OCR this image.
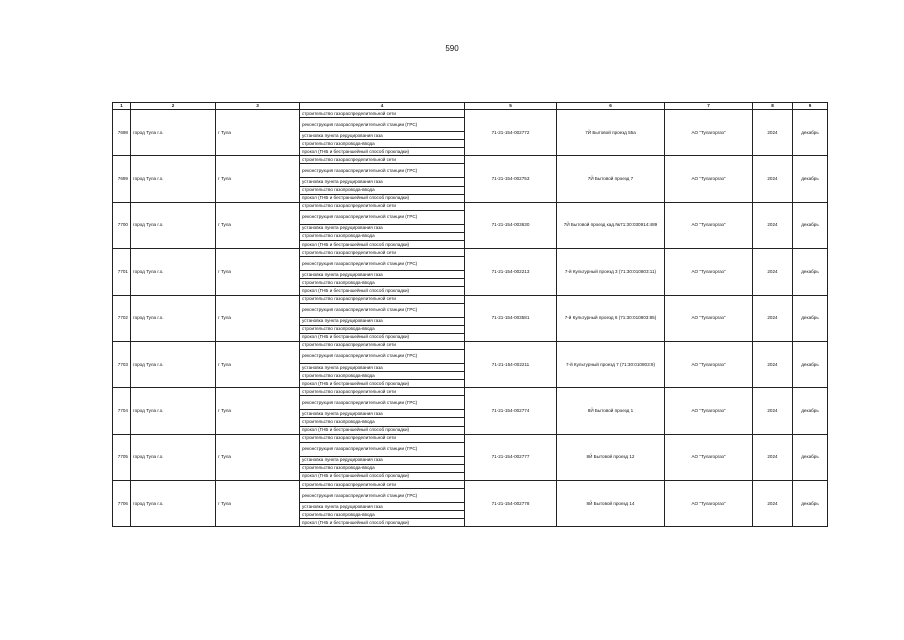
590
1	2	3	4	5	6	7	8	9
7698	город Тула г.о.	г Тула	строительство газораспределительной сети	71-21-154-002772	7Й Бытовой проезд 55а	АО "Тулагоргаз"	2024	декабрь
			реконструкция газораспределительной станции (ГРС)					
			установка пункта редуцирования газа					
			строительство газопровода-ввода					
			прокол (ГНБ и бестраншейный способ прокладки)					
7699	город Тула г.о.	г Тула	строительство газораспределительной сети	71-21-154-002753	7Й Бытовой проезд 7	АО "Тулагоргаз"	2024	декабрь
			реконструкция газораспределительной станции (ГРС)					
			установка пункта редуцирования газа					
			строительство газопровода-ввода					
			прокол (ГНБ и бестраншейный способ прокладки)					
7700	город Тула г.о.	г Тула	строительство газораспределительной сети	71-21-154-003630	7Й Бытовой проезд кад.№71:30:030914:489	АО "Тулагоргаз"	2024	декабрь
			реконструкция газораспределительной станции (ГРС)					
			установка пункта редуцирования газа					
			строительство газопровода-ввода					
			прокол (ГНБ и бестраншейный способ прокладки)					
7701	город Тула г.о.	г Тула	строительство газораспределительной сети	71-21-154-002213	7-й Культурный проезд 3 (71:30:010803:11)	АО "Тулагоргаз"	2024	декабрь
			реконструкция газораспределительной станции (ГРС)					
			установка пункта редуцирования газа					
			строительство газопровода-ввода					
			прокол (ГНБ и бестраншейный способ прокладки)					
7702	город Тула г.о.	г Тула	строительство газораспределительной сети	71-21-154-003581	7-й Культурный проезд 6 (71:30:010803:85)	АО "Тулагоргаз"	2024	декабрь
			реконструкция газораспределительной станции (ГРС)					
			установка пункта редуцирования газа					
			строительство газопровода-ввода					
			прокол (ГНБ и бестраншейный способ прокладки)					
7703	город Тула г.о.	г Тула	строительство газораспределительной сети	71-21-154-002211	7-й Культурный проезд 7 (71:30:010803:9)	АО "Тулагоргаз"	2024	декабрь
			реконструкция газораспределительной станции (ГРС)					
			установка пункта редуцирования газа					
			строительство газопровода-ввода					
			прокол (ГНБ и бестраншейный способ прокладки)					
7704	город Тула г.о.	г Тула	строительство газораспределительной сети	71-21-154-002774	8Й Бытовой проезд 1	АО "Тулагоргаз"	2024	декабрь
			реконструкция газораспределительной станции (ГРС)					
			установка пункта редуцирования газа					
			строительство газопровода-ввода					
			прокол (ГНБ и бестраншейный способ прокладки)					
7705	город Тула г.о.	г Тула	строительство газораспределительной сети	71-21-154-002777	8Й Бытовой проезд 12	АО "Тулагоргаз"	2024	декабрь
			реконструкция газораспределительной станции (ГРС)					
			установка пункта редуцирования газа					
			строительство газопровода-ввода					
			прокол (ГНБ и бестраншейный способ прокладки)					
7706	город Тула г.о.	г Тула	строительство газораспределительной сети	71-21-154-002778	8Й Бытовой проезд 14	АО "Тулагоргаз"	2024	декабрь
			реконструкция газораспределительной станции (ГРС)					
			установка пункта редуцирования газа					
			строительство газопровода-ввода					
			прокол (ГНБ и бестраншейный способ прокладки)					
